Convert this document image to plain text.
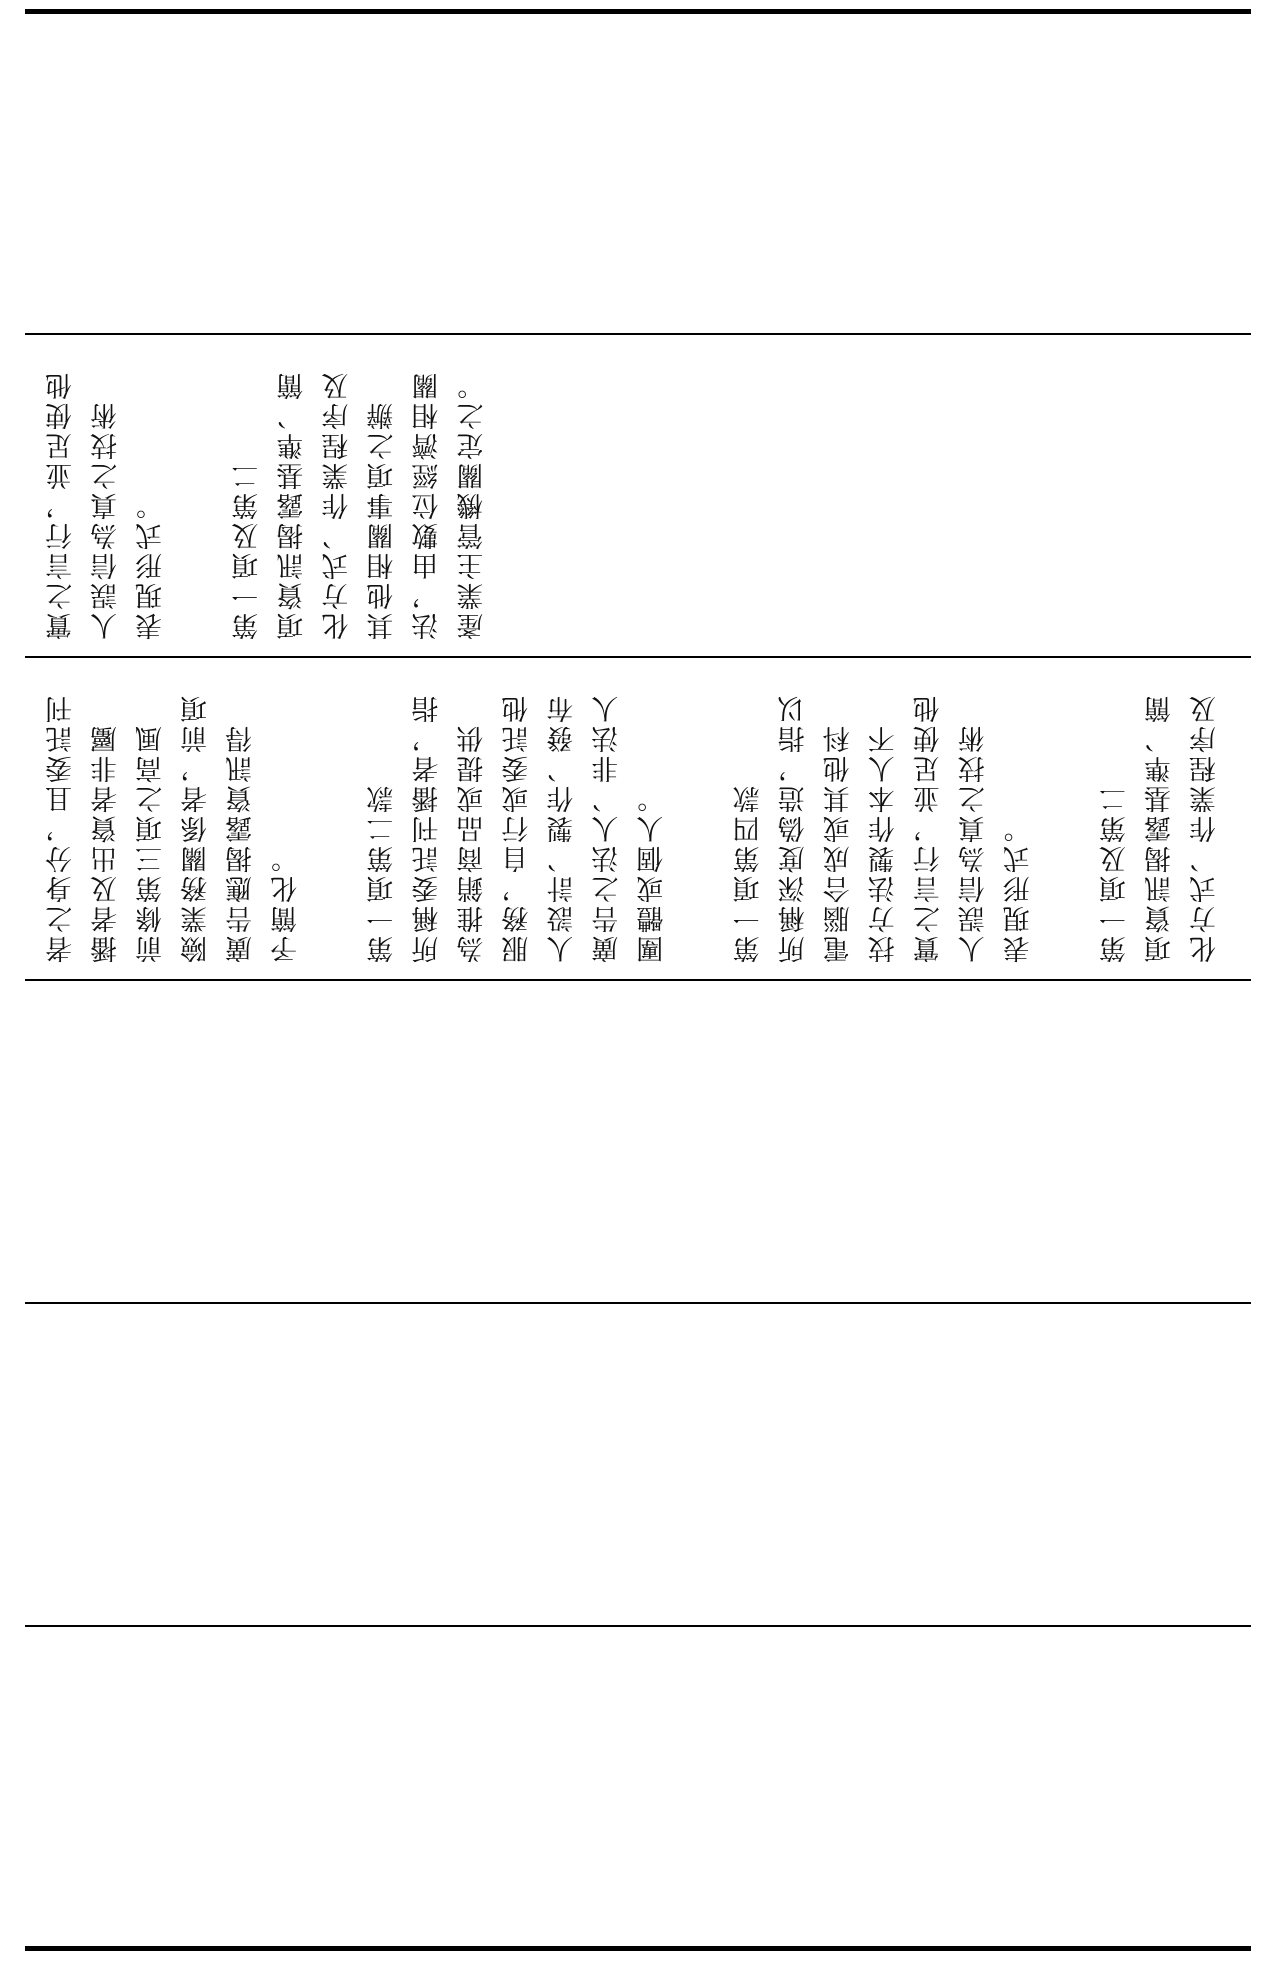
實之言行，並足使他 人誤信為真之技術 表現形式。	第一項及第二 項資訊揭露基準、簡 化方式、作業程序及 其他相關事項之辦 法，由數位經濟相關 產業主管機關定之。
者之身分，且委託刊 播者及出資者非屬 前條第三項之高風 險業務關係者，前項 廣告應揭露資訊得 予簡化。	第一項第二款 所稱委託刊播者，指 為推銷商品或提供 服務，自行或委託他 人設計、製作、發布 廣告之法人、非法人 團體或個人。	第一項第四款 所稱深度偽造，指以 電腦合成或其他科 技方法製作本人不 實之言行，並足使他 人誤信為真之技術 表現形式。	第一項及第二 項資訊揭露基準、簡 化方式、作業程序及
